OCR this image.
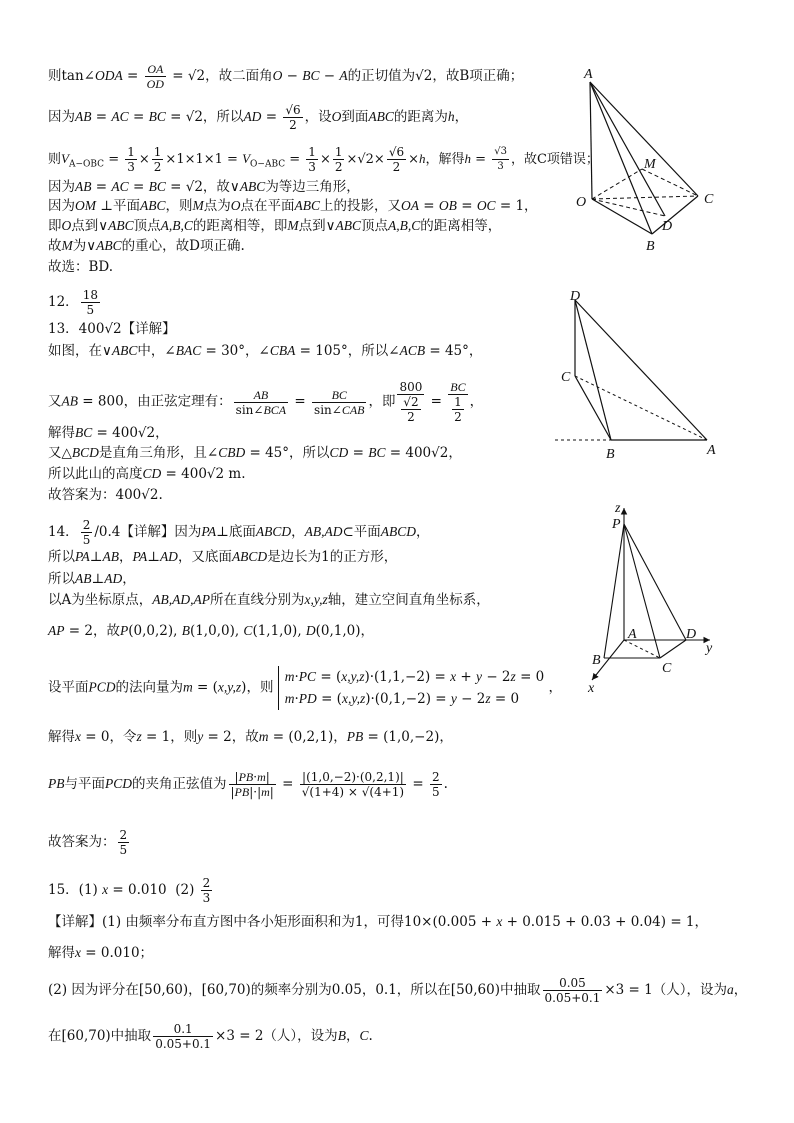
则tan∠ODA = $\frac{OA}{OD} = √2$，故二面角O − BC − A的正切值为√2，故B项正确；
因为AB = AC = BC = √2，所以AD = $\frac{√6}{2}$ ，设O到面ABC的距离为h，
则$V_{A-OBC} = \frac{1}{3} \times \frac{1}{2} \times 1\times 1\times 1 = V_{O-ABC} = \frac{1}{3} \times \frac{1}{2} \times√2\times \frac{√6}{2} \times h$，解得$h = \frac{√3}{3}$ ，故C项错误；
因为AB = AC = BC = √2，故∨ABC为等边三角形，
因为OM ⊥平面ABC，则M点为O点在平面ABC上的投影，又OA = OB = OC = 1，
即O点到∨ABC顶点A,B,C的距离相等，即M点到∨ABC顶点A,B,C的距离相等，
故M为∨ABC的重心，故D项正确.
故选：BD.
12． $\frac{18}{5}$
13．400√2【详解】
如图，在∨ABC中，∠BAC = 30°，∠CBA = 105°，所以∠ACB = 45°，
又AB = 800，由正弦定理有： $\frac{AB}{\text{sin∠BCA}} = \frac{BC}{\text{sin∠CAB}}$ ，即 $\frac{800}{\frac{√2}{2}} = \frac{BC}{\frac{1}{2}}$ ，
解得BC = 400√2，
又△BCD是直角三角形，且∠CBD = 45°，所以CD = BC = 400√2，
所以此山的高度CD = 400√2 m.
故答案为：400√2.
14． $\frac{2}{5} /0.4$【详解】因为PA⊥底面ABCD，AB,AD⊂平面ABCD，
所以PA⊥AB，PA⊥AD，又底面ABCD是边长为1的正方形，
所以AB⊥AD，
以A为坐标原点，AB,AD,AP所在直线分别为x,y,z轴，建立空间直角坐标系，
AP = 2，故P(0,0,2), B(1,0,0), C(1,1,0), D(0,1,0)，
设平面PCD的法向量为m = (x,y,z)，则
m·PC = (x,y,z)·(1,1,−2) = x + y − 2z = 0
m·PD = (x,y,z)·(0,1,−2) = y − 2z = 0
，
解得x = 0，令z = 1，则y = 2，故m = (0,2,1)，PB = (1,0,−2)，
PB与平面PCD的夹角正弦值为 $\frac{|PB\cdot m|}{|PB|\cdot|m|} = \frac{|(1,0,-2)\cdot(0,2,1)|}{√(1+4) \times √(4+1)} = \frac{2}{5}$ .
故答案为： $\frac{2}{5}$
15．(1) x = 0.010  $(2) \frac{2}{3}$
【详解】(1) 由频率分布直方图中各小矩形面积和为1，可得10×(0.005 + x + 0.015 + 0.03 + 0.04) = 1，
解得x = 0.010；
(2) 因为评分在[50,60)，[60,70)的频率分别为0.05，0.1，所以在[50,60)中抽取 $\frac{0.05}{0.05+0.1} \times 3 = 1$（人），设为a，
在[60,70)中抽取 $\frac{0.1}{0.05+0.1} \times 3 = 2$（人），设为B，C.
A
M
O	C
D
B
D
C
B	A
z
P
A	D
y
B
C
x
